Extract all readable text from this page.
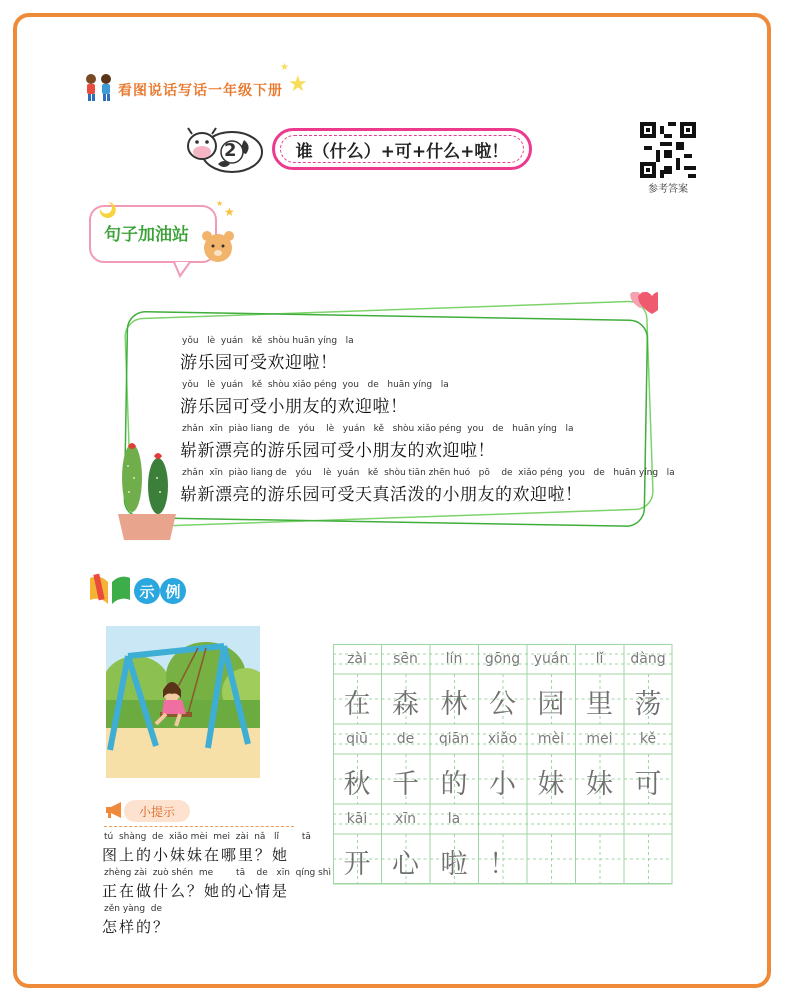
看图说话写话一年级下册 ★
★
2	谁（什么）+可+什么+啦！
参考答案
★
★
句子加油站
yǒu   lè  yuán   kě  shòu huān yíng   la
游乐园可受欢迎啦！
yǒu   lè  yuán   kě  shòu xiǎo péng  you   de   huān yíng   la
游乐园可受小朋友的欢迎啦！
zhǎn  xīn  piào liang  de   yóu    lè   yuán   kě   shòu xiǎo péng  you   de   huān yíng   la
崭新漂亮的游乐园可受小朋友的欢迎啦！
zhǎn  xīn  piào liang de   yóu    lè  yuán   kě  shòu tiān zhēn huó   pō    de  xiǎo péng  you   de   huān yíng   la
崭新漂亮的游乐园可受天真活泼的小朋友的欢迎啦！
示 例
小提示
tú  shàng  de  xiǎo mèi  mei  zài  nǎ   lǐ        tā
图上的小妹妹在哪里？她
zhèng zài  zuò shén  me        tā    de   xīn  qíng shì
正在做什么？她的心情是
zěn yàng  de
怎样的？
zài
在
sēn
森
lín
林
gōng
公
yuán
园
lǐ
里
dàng
荡
qiū
秋
de
千
qiān
的
xiǎo
小
mèi
妹
mei
妹
kě
可
kāi
开
xīn
心
la
啦 ！
